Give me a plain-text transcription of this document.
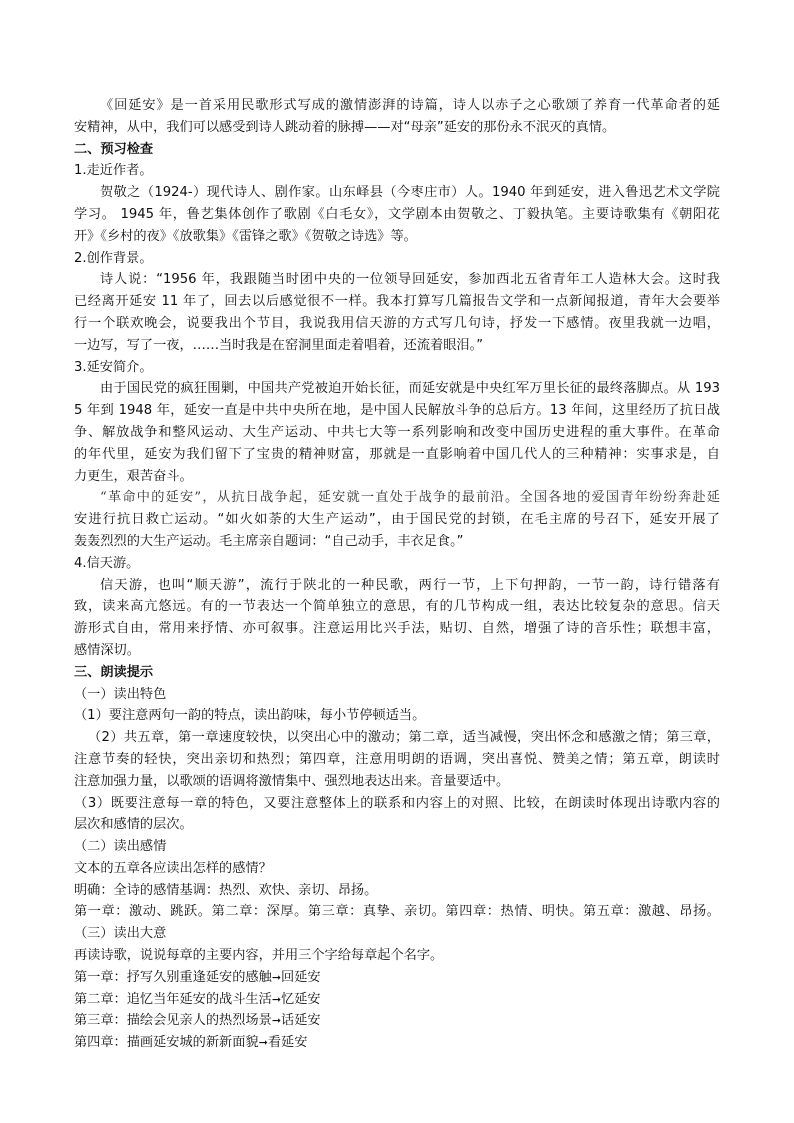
《回延安》是一首采用民歌形式写成的激情澎湃的诗篇，诗人以赤子之心歌颂了养育一代革命者的延

安精神，从中，我们可以感受到诗人跳动着的脉搏——对“母亲”延安的那份永不泯灭的真情。

二、预习检查

1.走近作者。

贺敬之（1924-）现代诗人、剧作家。山东峄县（今枣庄市）人。1940 年到延安，进入鲁迅艺术文学院

学习。 1945 年，鲁艺集体创作了歌剧《白毛女》，文学剧本由贺敬之、丁毅执笔。主要诗歌集有《朝阳花

开》《乡村的夜》《放歌集》《雷锋之歌》《贺敬之诗选》等。

2.创作背景。

诗人说：“1956 年，我跟随当时团中央的一位领导回延安，参加西北五省青年工人造林大会。这时我

已经离开延安 11 年了，回去以后感觉很不一样。我本打算写几篇报告文学和一点新闻报道，青年大会要举

行一个联欢晚会，说要我出个节目，我说我用信天游的方式写几句诗，抒发一下感情。夜里我就一边唱，

一边写，写了一夜，……当时我是在窑洞里面走着唱着，还流着眼泪。”

3.延安简介。

由于国民党的疯狂围剿，中国共产党被迫开始长征，而延安就是中央红军万里长征的最终落脚点。从 193

5 年到 1948 年，延安一直是中共中央所在地，是中国人民解放斗争的总后方。13 年间，这里经历了抗日战

争、解放战争和整风运动、大生产运动、中共七大等一系列影响和改变中国历史进程的重大事件。在革命

的年代里，延安为我们留下了宝贵的精神财富，那就是一直影响着中国几代人的三种精神：实事求是，自

力更生，艰苦奋斗。

“革命中的延安”，从抗日战争起，延安就一直处于战争的最前沿。全国各地的爱国青年纷纷奔赴延

安进行抗日救亡运动。“如火如荼的大生产运动”，由于国民党的封锁，在毛主席的号召下，延安开展了

轰轰烈烈的大生产运动。毛主席亲自题词：“自己动手，丰衣足食。”

4.信天游。

信天游，也叫“顺天游”，流行于陕北的一种民歌，两行一节，上下句押韵，一节一韵，诗行错落有

致，读来高亢悠远。有的一节表达一个简单独立的意思，有的几节构成一组，表达比较复杂的意思。信天

游形式自由，常用来抒情、亦可叙事。注意运用比兴手法，贴切、自然，增强了诗的音乐性；联想丰富，

感情深切。

三、朗读提示

（一）读出特色

（1）要注意两句一韵的特点，读出韵味，每小节停顿适当。

（2）共五章，第一章速度较快，以突出心中的激动；第二章，适当减慢，突出怀念和感激之情；第三章，

注意节奏的轻快，突出亲切和热烈；第四章，注意用明朗的语调，突出喜悦、赞美之情；第五章，朗读时

注意加强力量，以歌颂的语调将激情集中、强烈地表达出来。音量要适中。

（3）既要注意每一章的特色，又要注意整体上的联系和内容上的对照、比较，在朗读时体现出诗歌内容的

层次和感情的层次。

（二）读出感情

文本的五章各应读出怎样的感情？

明确：全诗的感情基调：热烈、欢快、亲切、昂扬。

第一章：激动、跳跃。第二章：深厚。第三章：真挚、亲切。第四章：热情、明快。第五章：激越、昂扬。

（三）读出大意

再读诗歌，说说每章的主要内容，并用三个字给每章起个名字。

第一章：抒写久别重逢延安的感触➞回延安

第二章：追忆当年延安的战斗生活➞忆延安

第三章：描绘会见亲人的热烈场景➞话延安

第四章：描画延安城的新新面貌➞看延安
